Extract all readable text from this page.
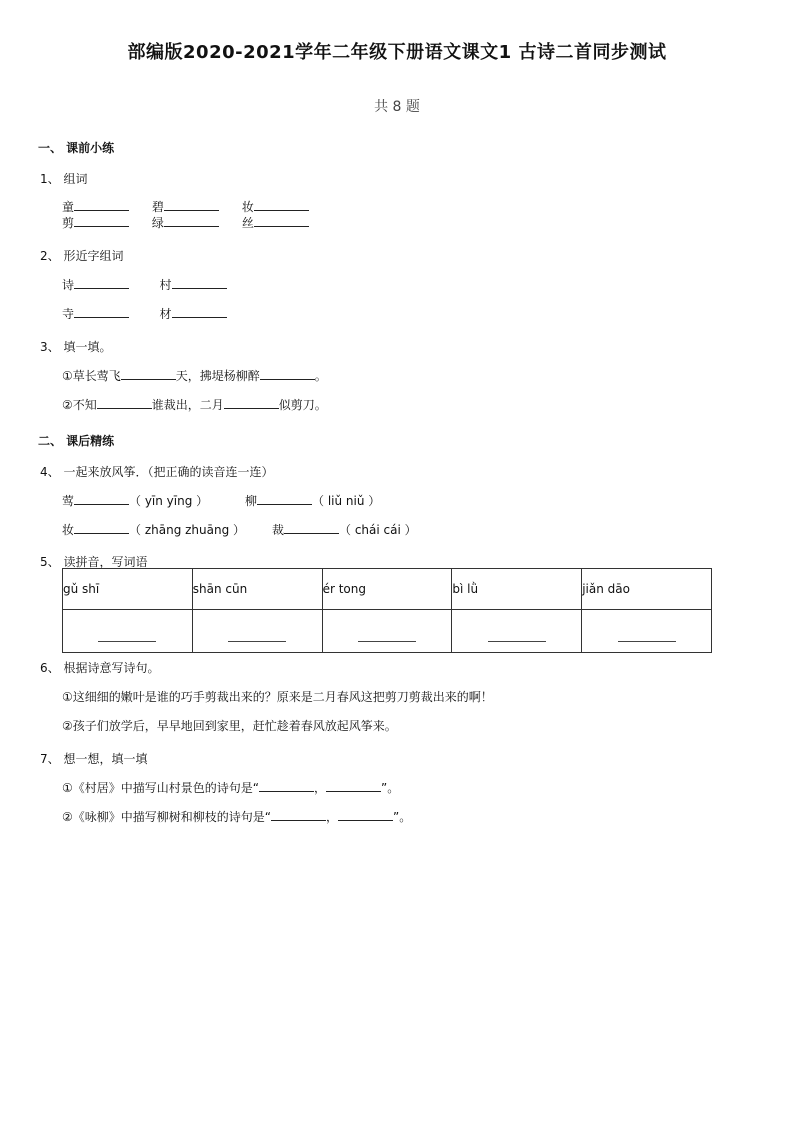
部编版2020-2021学年二年级下册语文课文1 古诗二首同步测试
共 8 题
一、 课前小练
1、 组词
童	碧	妆
剪	绿	丝
2、 形近字组词
诗	村
寺	材
3、 填一填。
①草长莺飞	天，拂堤杨柳醉	。
②不知	谁裁出，二月	似剪刀。
二、 课后精练
4、 一起来放风筝．（把正确的读音连一连）
莺	（ yīn yīng ）	柳	（ liǔ niǔ ）
妆	（ zhāng zhuāng ） 裁	（ chái cái ）
5、 读拼音，写词语
gǔ shī	shān cūn	ér tong	bì lǜ	jiǎn dāo

6、 根据诗意写诗句。
①这细细的嫩叶是谁的巧手剪裁出来的？原来是二月春风这把剪刀剪裁出来的啊！
②孩子们放学后，早早地回到家里，赶忙趁着春风放起风筝来。
7、 想一想，填一填
①《村居》中描写山村景色的诗句是“	，	”。
②《咏柳》中描写柳树和柳枝的诗句是“	，	”。
